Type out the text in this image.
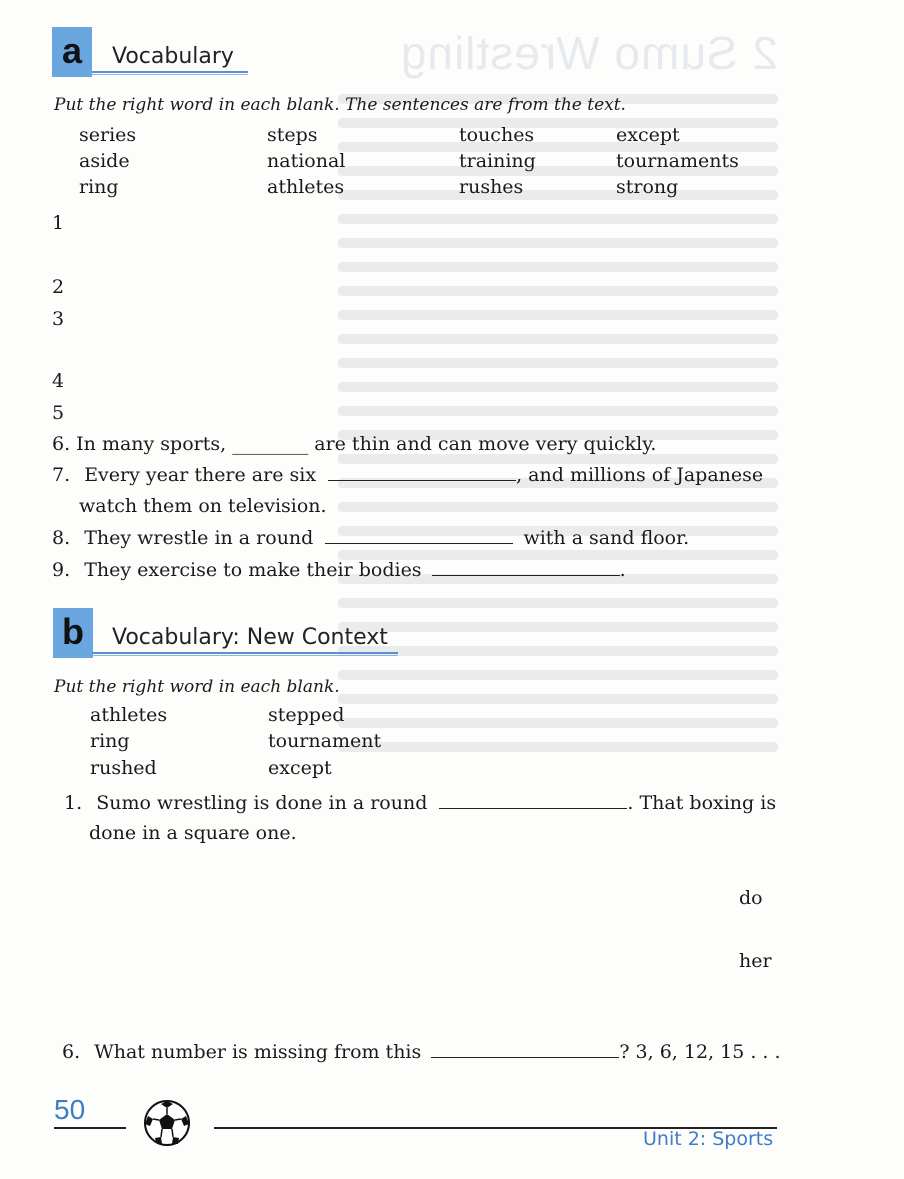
2 Sumo Wrestling
a	Vocabulary
Put the right word in each blank. The sentences are from the text.
series	steps	touches	except
aside	national	training	tournaments
ring	athletes	rushes	strong
1
2
3
4
5
6. In many sports, ________ are thin and can move very quickly.
7. Every year there are six	, and millions of Japanese
watch them on television.
8. They wrestle in a round	with a sand floor.
9. They exercise to make their bodies	.
b	Vocabulary: New Context
Put the right word in each blank.
athletes	stepped
ring	tournament
rushed	except
1. Sumo wrestling is done in a round	. That boxing is
done in a square one.
do
her
6. What number is missing from this	? 3, 6, 12, 15 . . .
50
Unit 2: Sports
